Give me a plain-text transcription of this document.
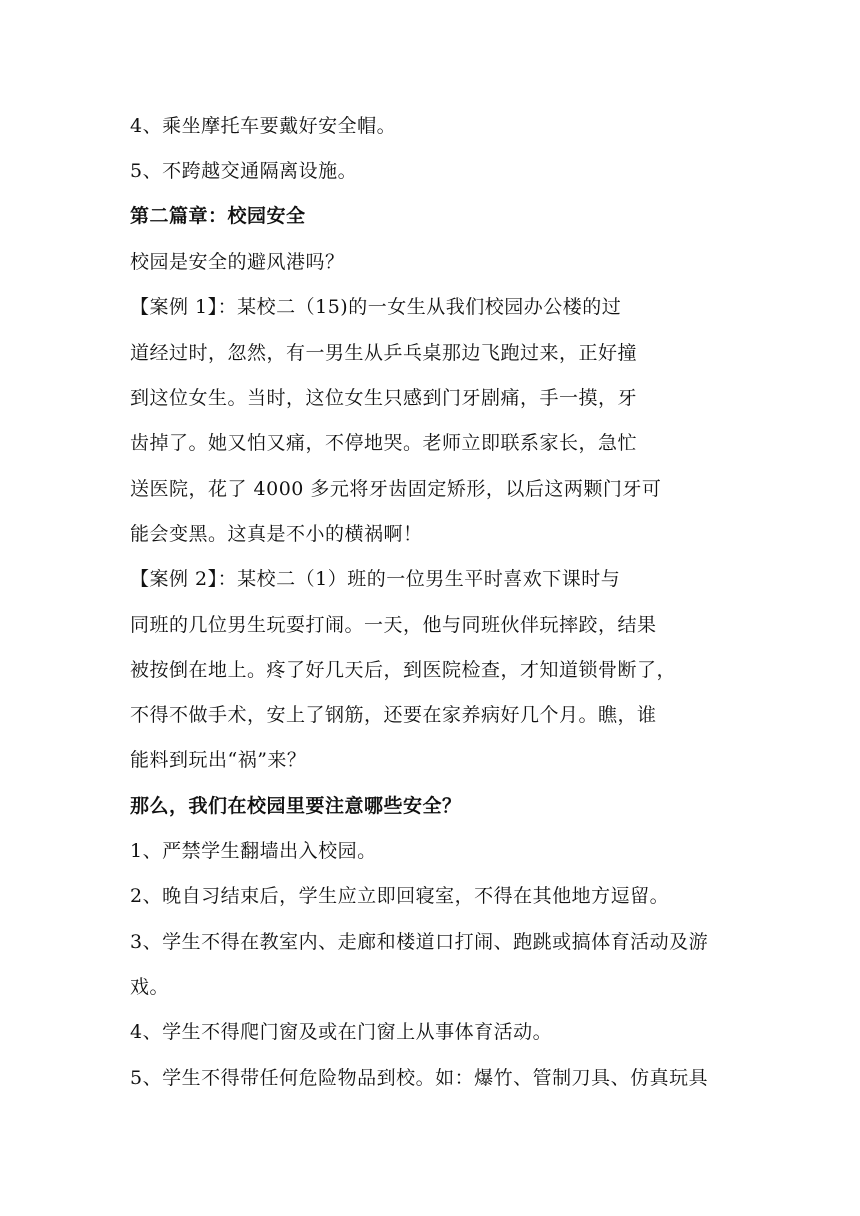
4、乘坐摩托车要戴好安全帽。
5、不跨越交通隔离设施。
第二篇章：校园安全
校园是安全的避风港吗？
【案例 1】：某校二（15)的一女生从我们校园办公楼的过
道经过时，忽然，有一男生从乒乓桌那边飞跑过来，正好撞
到这位女生。当时，这位女生只感到门牙剧痛，手一摸，牙
齿掉了。她又怕又痛，不停地哭。老师立即联系家长，急忙
送医院，花了 4000 多元将牙齿固定矫形，以后这两颗门牙可
能会变黑。这真是不小的横祸啊！
【案例 2】：某校二（1）班的一位男生平时喜欢下课时与
同班的几位男生玩耍打闹。一天，他与同班伙伴玩摔跤，结果
被按倒在地上。疼了好几天后，到医院检查，才知道锁骨断了，
不得不做手术，安上了钢筋，还要在家养病好几个月。瞧，谁
能料到玩出“祸”来？
那么，我们在校园里要注意哪些安全？
1、严禁学生翻墙出入校园。
2、晚自习结束后，学生应立即回寝室，不得在其他地方逗留。
3、学生不得在教室内、走廊和楼道口打闹、跑跳或搞体育活动及游
戏。
4、学生不得爬门窗及或在门窗上从事体育活动。
5、学生不得带任何危险物品到校。如：爆竹、管制刀具、仿真玩具
